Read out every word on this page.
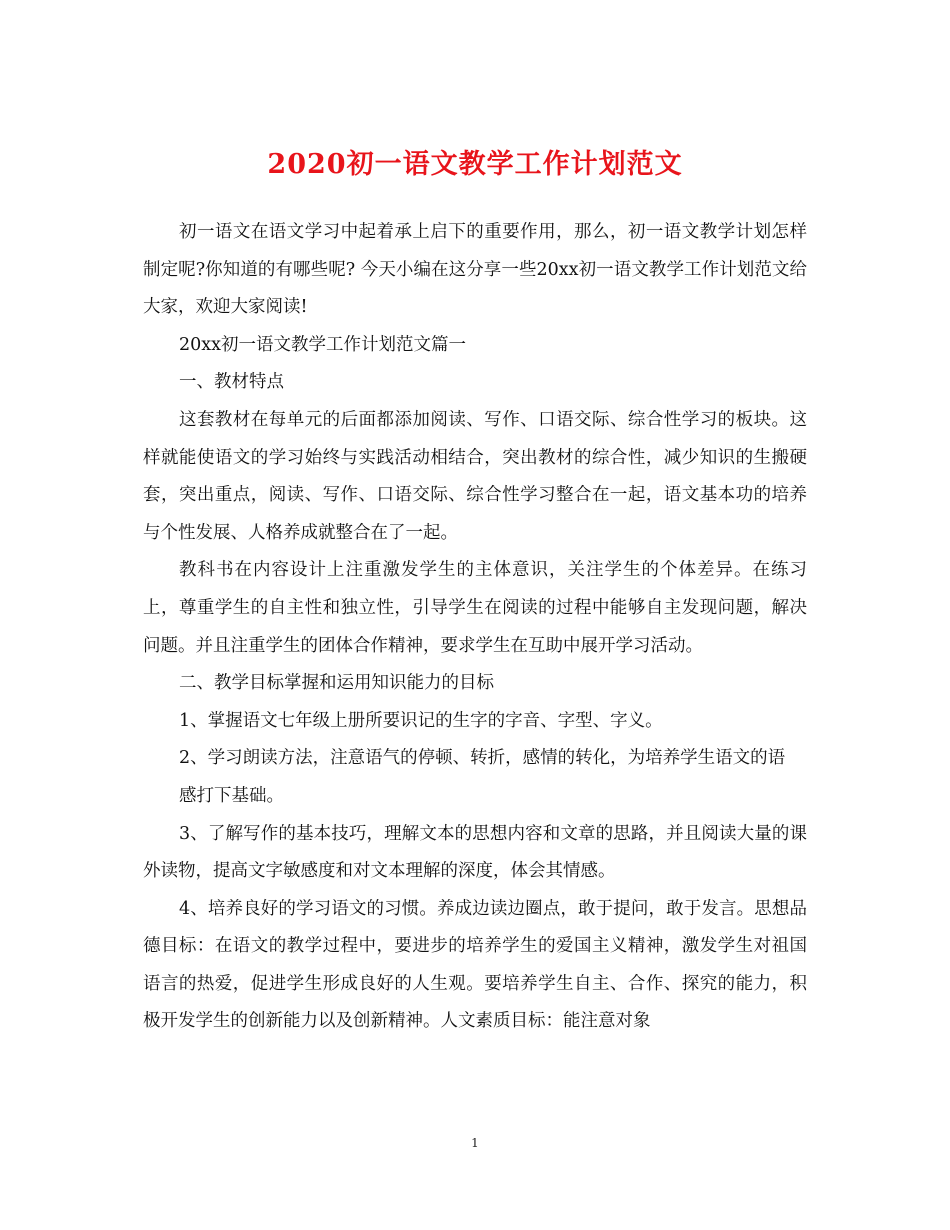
2020初一语文教学工作计划范文

初一语文在语文学习中起着承上启下的重要作用，那么，初一语文教学计划怎样制定呢?你知道的有哪些呢? 今天小编在这分享一些20xx初一语文教学工作计划范文给大家，欢迎大家阅读!

20xx初一语文教学工作计划范文篇一

一、教材特点

这套教材在每单元的后面都添加阅读、写作、口语交际、综合性学习的板块。这样就能使语文的学习始终与实践活动相结合，突出教材的综合性，减少知识的生搬硬套，突出重点，阅读、写作、口语交际、综合性学习整合在一起，语文基本功的培养与个性发展、人格养成就整合在了一起。

教科书在内容设计上注重激发学生的主体意识，关注学生的个体差异。在练习上，尊重学生的自主性和独立性，引导学生在阅读的过程中能够自主发现问题，解决问题。并且注重学生的团体合作精神，要求学生在互助中展开学习活动。

二、教学目标掌握和运用知识能力的目标

1、掌握语文七年级上册所要识记的生字的字音、字型、字义。

2、学习朗读方法，注意语气的停顿、转折，感情的转化，为培养学生语文的语

感打下基础。

3、了解写作的基本技巧，理解文本的思想内容和文章的思路，并且阅读大量的课外读物，提高文字敏感度和对文本理解的深度，体会其情感。

4、培养良好的学习语文的习惯。养成边读边圈点，敢于提问，敢于发言。思想品德目标：在语文的教学过程中，要进步的培养学生的爱国主义精神，激发学生对祖国语言的热爱，促进学生形成良好的人生观。要培养学生自主、合作、探究的能力，积极开发学生的创新能力以及创新精神。人文素质目标：能注意对象

1
